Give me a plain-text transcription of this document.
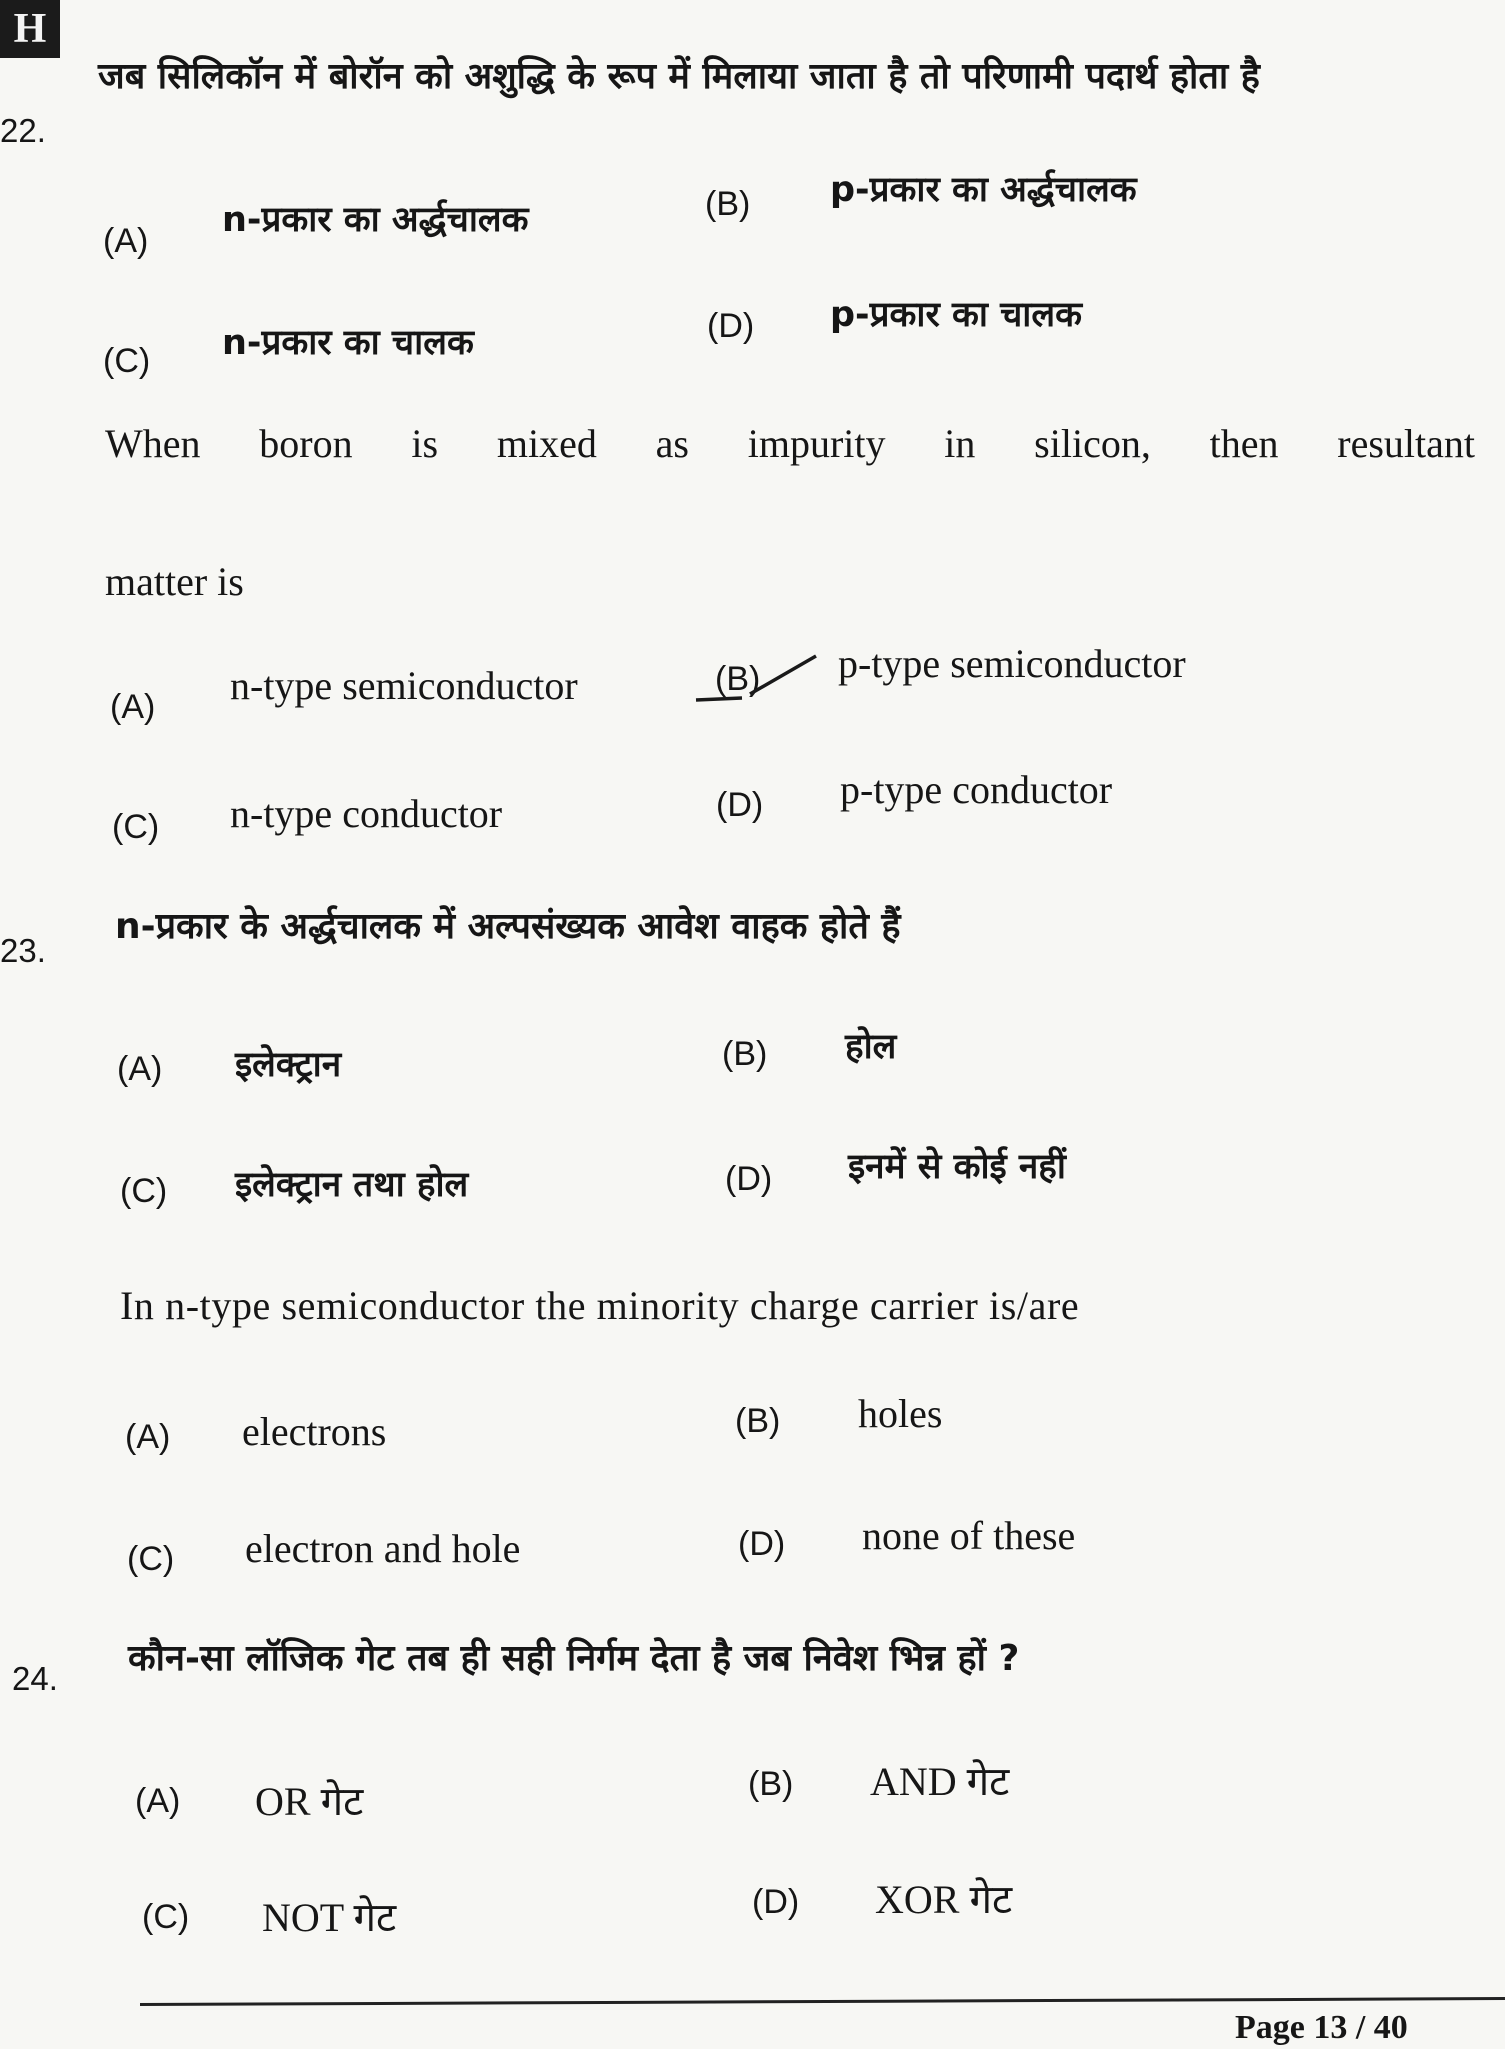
H
22.
जब सिलिकॉन में बोरॉन को अशुद्धि के रूप में मिलाया जाता है तो परिणामी पदार्थ होता है
(A)
n-प्रकार का अर्द्धचालक	(B) p-प्रकार का अर्द्धचालक
(C) n-प्रकार का चालक	(D) p-प्रकार का चालक
When boron is mixed as impurity in silicon, then resultant
matter is
(A) n-type semiconductor	(B) p-type semiconductor
(C) n-type conductor	(D) p-type conductor
23.
n-प्रकार के अर्द्धचालक में अल्पसंख्यक आवेश वाहक होते हैं
(A) इलेक्ट्रान	(B) होल
(C) इलेक्ट्रान तथा होल	(D) इनमें से कोई नहीं
In n-type semiconductor the minority charge carrier is/are
(A) electrons	(B) holes
(C) electron and hole	(D) none of these
24. कौन-सा लॉजिक गेट तब ही सही निर्गम देता है जब निवेश भिन्न हों ?
(A) OR गेट	(B) AND गेट
(C) NOT गेट	(D) XOR गेट
Page 13 / 40
